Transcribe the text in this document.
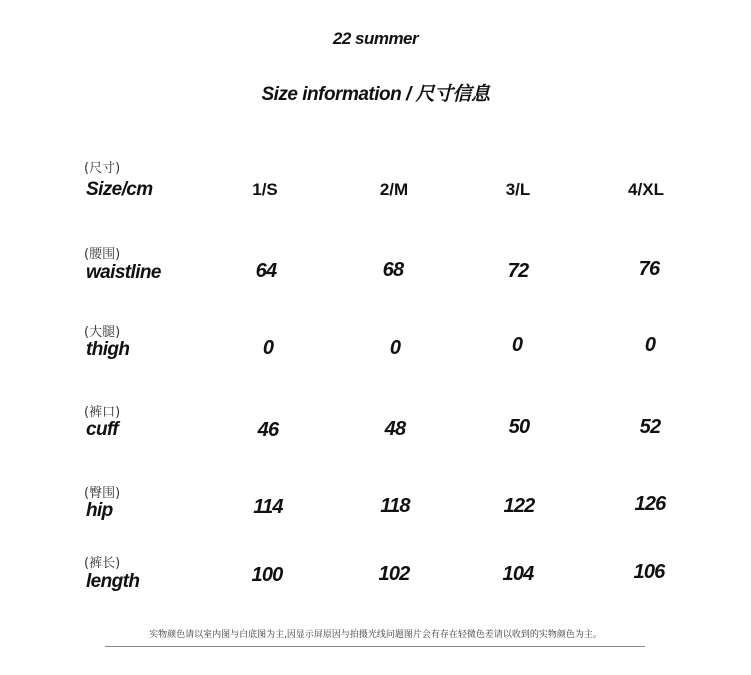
22 summer
Size information / 尺寸信息
(尺寸)
Size/cm	1/S	2/M	3/L	4/XL
(腰围)
waistline	64	68	72	76
(大腿)
thigh	0	0	0	0
(裤口)
cuff	46	48	50	52
(臀围)
hip	114	118	122	126
(裤长)
length	100	102	104	106
实物颜色请以室内图与白底图为主,因显示屏原因与拍摄光线问题图片会有存在轻微色差请以收到的实物颜色为主。
